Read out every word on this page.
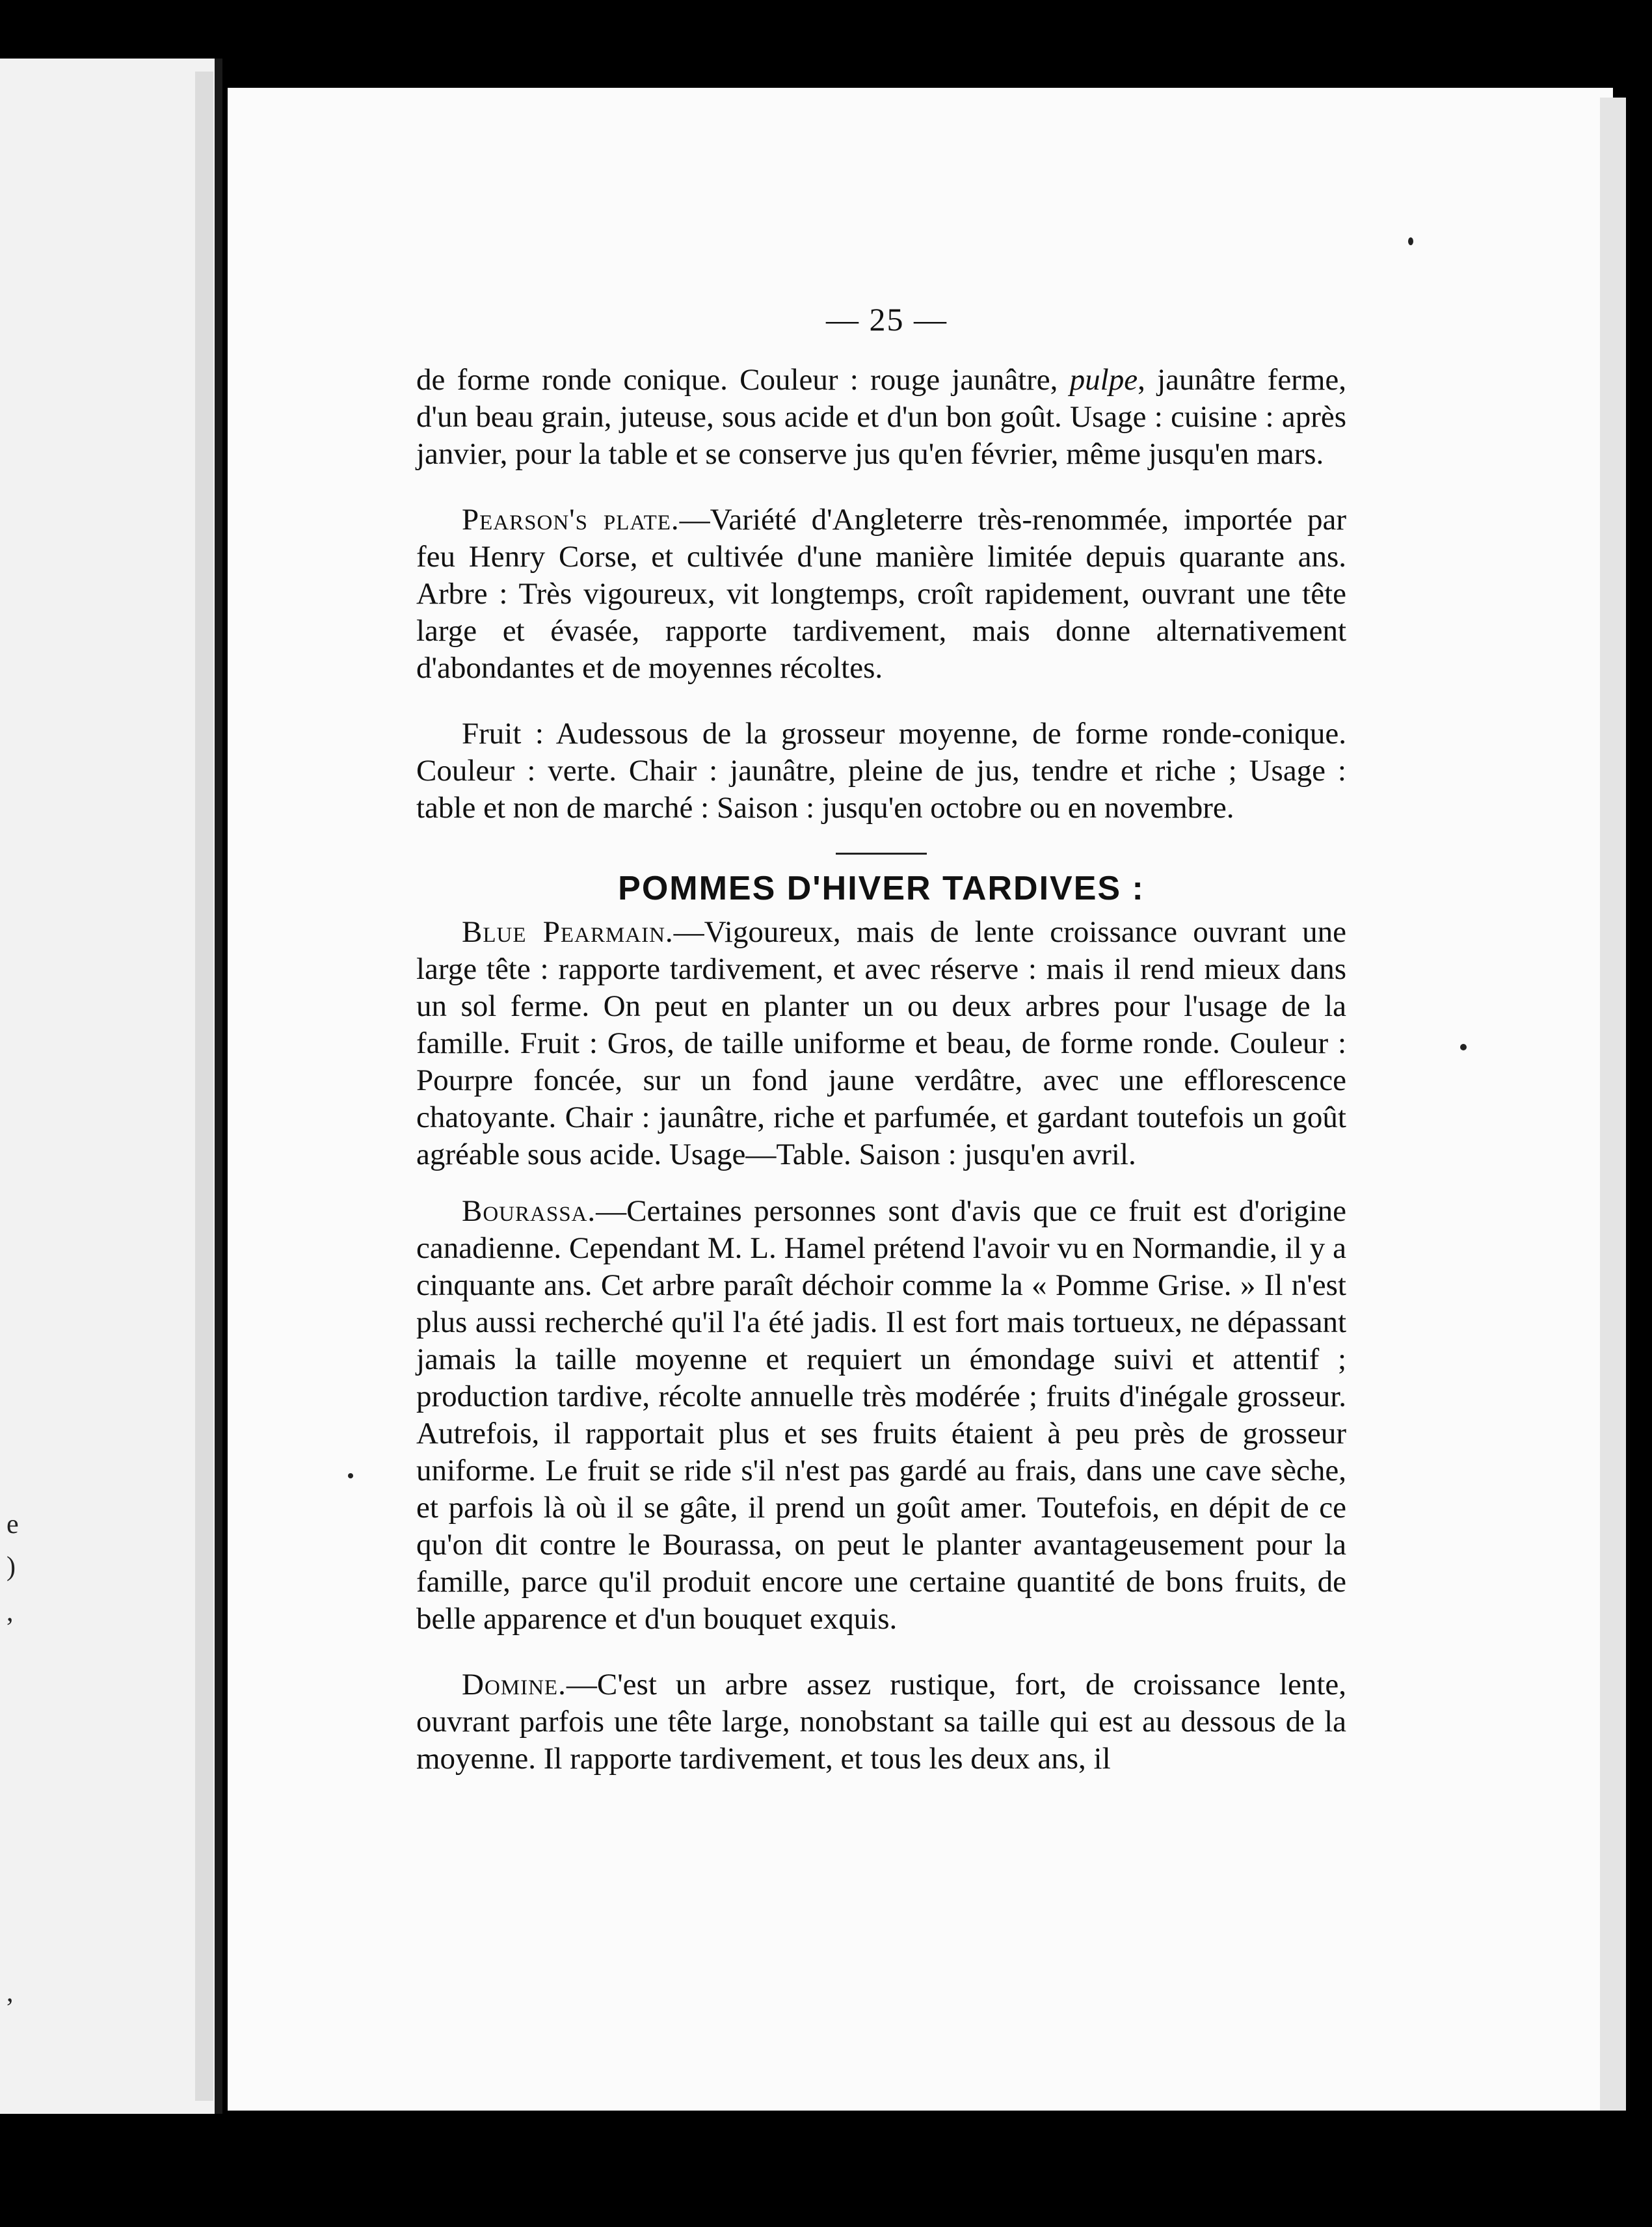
e
)
,
,
— 25 —

de forme ronde conique. Couleur : rouge jaunâtre, pulpe, jaunâtre ferme, d'un beau grain, juteuse, sous acide et d'un bon goût. Usage : cuisine : après janvier, pour la table et se conserve jus qu'en février, même jusqu'en mars.

Pearson's plate.—Variété d'Angleterre très-renommée, importée par feu Henry Corse, et cultivée d'une manière limitée depuis quarante ans. Arbre : Très vigoureux, vit longtemps, croît rapidement, ouvrant une tête large et évasée, rapporte tardivement, mais donne alternativement d'abondantes et de moyennes récoltes.

Fruit : Audessous de la grosseur moyenne, de forme ronde-conique. Couleur : verte. Chair : jaunâtre, pleine de jus, tendre et riche ; Usage : table et non de marché : Saison : jusqu'en octobre ou en novembre.

POMMES D'HIVER TARDIVES :

Blue Pearmain.—Vigoureux, mais de lente croissance ouvrant une large tête : rapporte tardivement, et avec réserve : mais il rend mieux dans un sol ferme. On peut en planter un ou deux arbres pour l'usage de la famille. Fruit : Gros, de taille uniforme et beau, de forme ronde. Couleur : Pourpre foncée, sur un fond jaune verdâtre, avec une efflorescence chatoyante. Chair : jaunâtre, riche et parfumée, et gardant toutefois un goût agréable sous acide. Usage—Table. Saison : jusqu'en avril.

Bourassa.—Certaines personnes sont d'avis que ce fruit est d'origine canadienne. Cependant M. L. Hamel prétend l'avoir vu en Normandie, il y a cinquante ans. Cet arbre paraît déchoir comme la « Pomme Grise. » Il n'est plus aussi recherché qu'il l'a été jadis. Il est fort mais tortueux, ne dépassant jamais la taille moyenne et requiert un émondage suivi et attentif ; production tardive, récolte annuelle très modérée ; fruits d'inégale grosseur. Autrefois, il rapportait plus et ses fruits étaient à peu près de grosseur uniforme. Le fruit se ride s'il n'est pas gardé au frais, dans une cave sèche, et parfois là où il se gâte, il prend un goût amer. Toutefois, en dépit de ce qu'on dit contre le Bourassa, on peut le planter avantageusement pour la famille, parce qu'il produit encore une certaine quantité de bons fruits, de belle apparence et d'un bouquet exquis.

Domine.—C'est un arbre assez rustique, fort, de croissance lente, ouvrant parfois une tête large, nonobstant sa taille qui est au dessous de la moyenne. Il rapporte tardivement, et tous les deux ans, il
